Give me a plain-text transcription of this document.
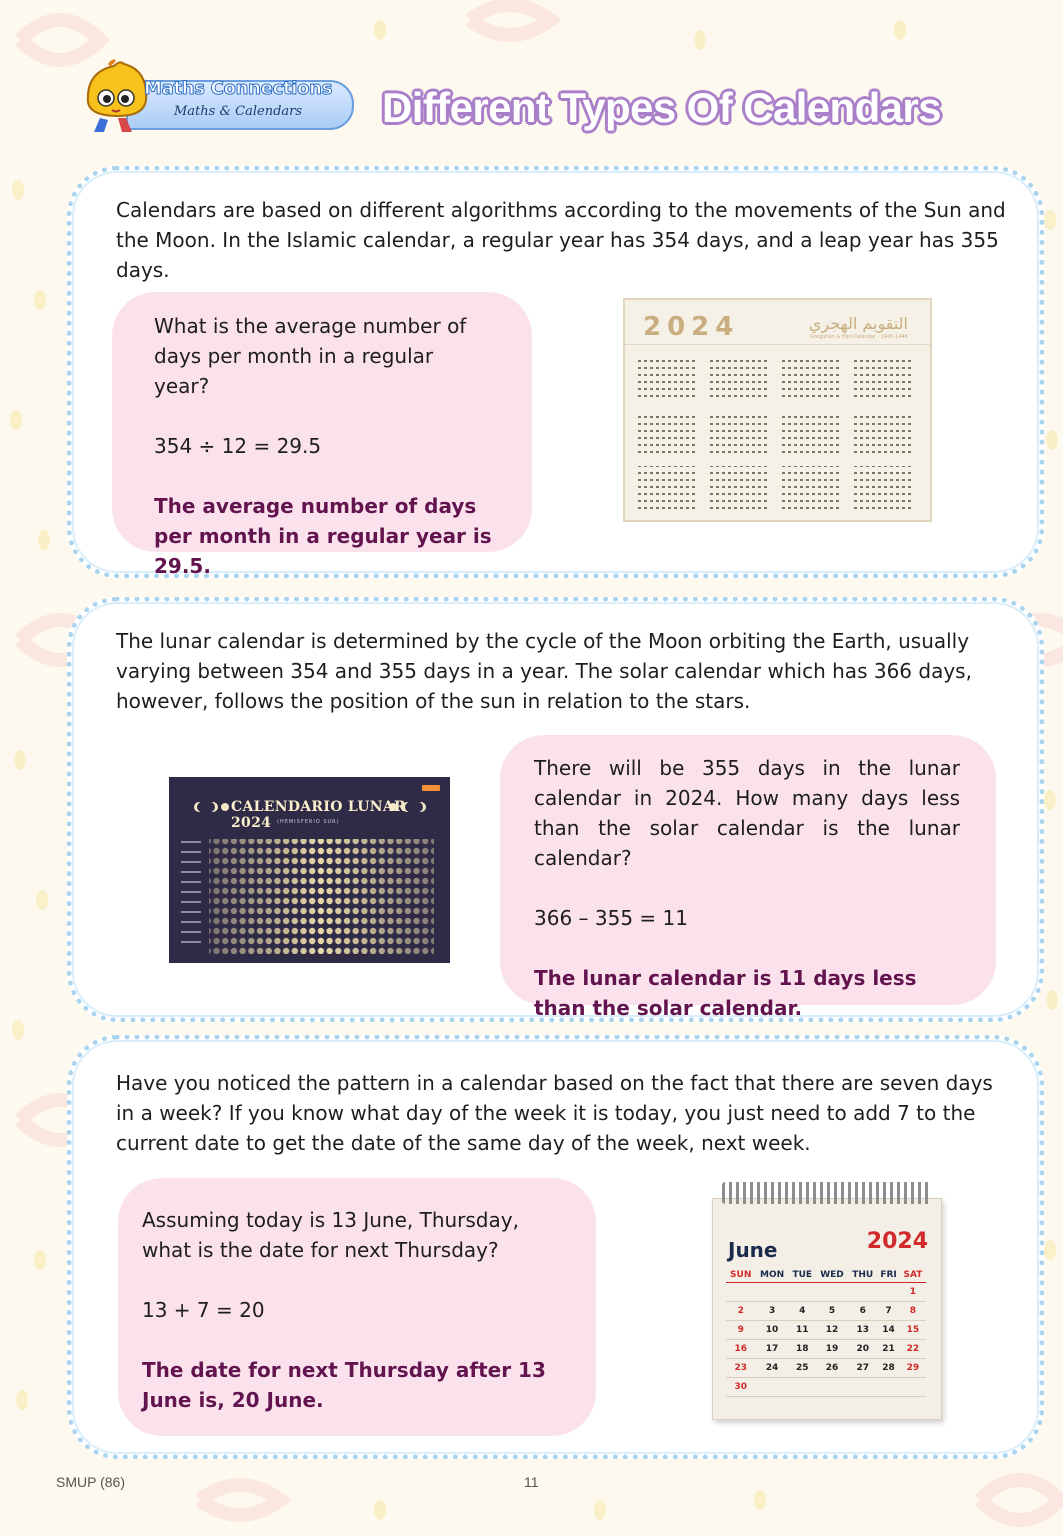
Maths Connections
Maths & Calendars Different Types Of Calendars

Calendars are based on different algorithms according to the movements of the Sun and the Moon. In the Islamic calendar, a regular year has 354 days, and a leap year has 355 days.

What is the average number of days per month in a regular year?
354 ÷ 12 = 29.5
The average number of days per month in a regular year is 29.5.
2024	التقويم الهجري
Gregorian & Hijri Calendar · 1445-1446

The lunar calendar is determined by the cycle of the Moon orbiting the Earth, usually varying between 354 and 355 days in a year. The solar calendar which has 366 days, however, follows the position of the sun in relation to the stars.

CALENDARIO LUNAR 2024	(HEMISFERIO SUR)
There will be 355 days in the lunar calendar in 2024. How many days less than the solar calendar is the lunar calendar?
366 – 355 = 11
The lunar calendar is 11 days less than the solar calendar.

Have you noticed the pattern in a calendar based on the fact that there are seven days in a week? If you know what day of the week it is today, you just need to add 7 to the current date to get the date of the same day of the week, next week.

Assuming today is 13 June, Thursday, what is the date for next Thursday?
13 + 7 = 20
The date for next Thursday after 13 June is, 20 June.
June	2024
SUN	MON	TUE	WED	THU	FRI	SAT
						1
2	3	4	5	6	7	8
9	10	11	12	13	14	15
16	17	18	19	20	21	22
23	24	25	26	27	28	29
30						
SMUP (86)	11
